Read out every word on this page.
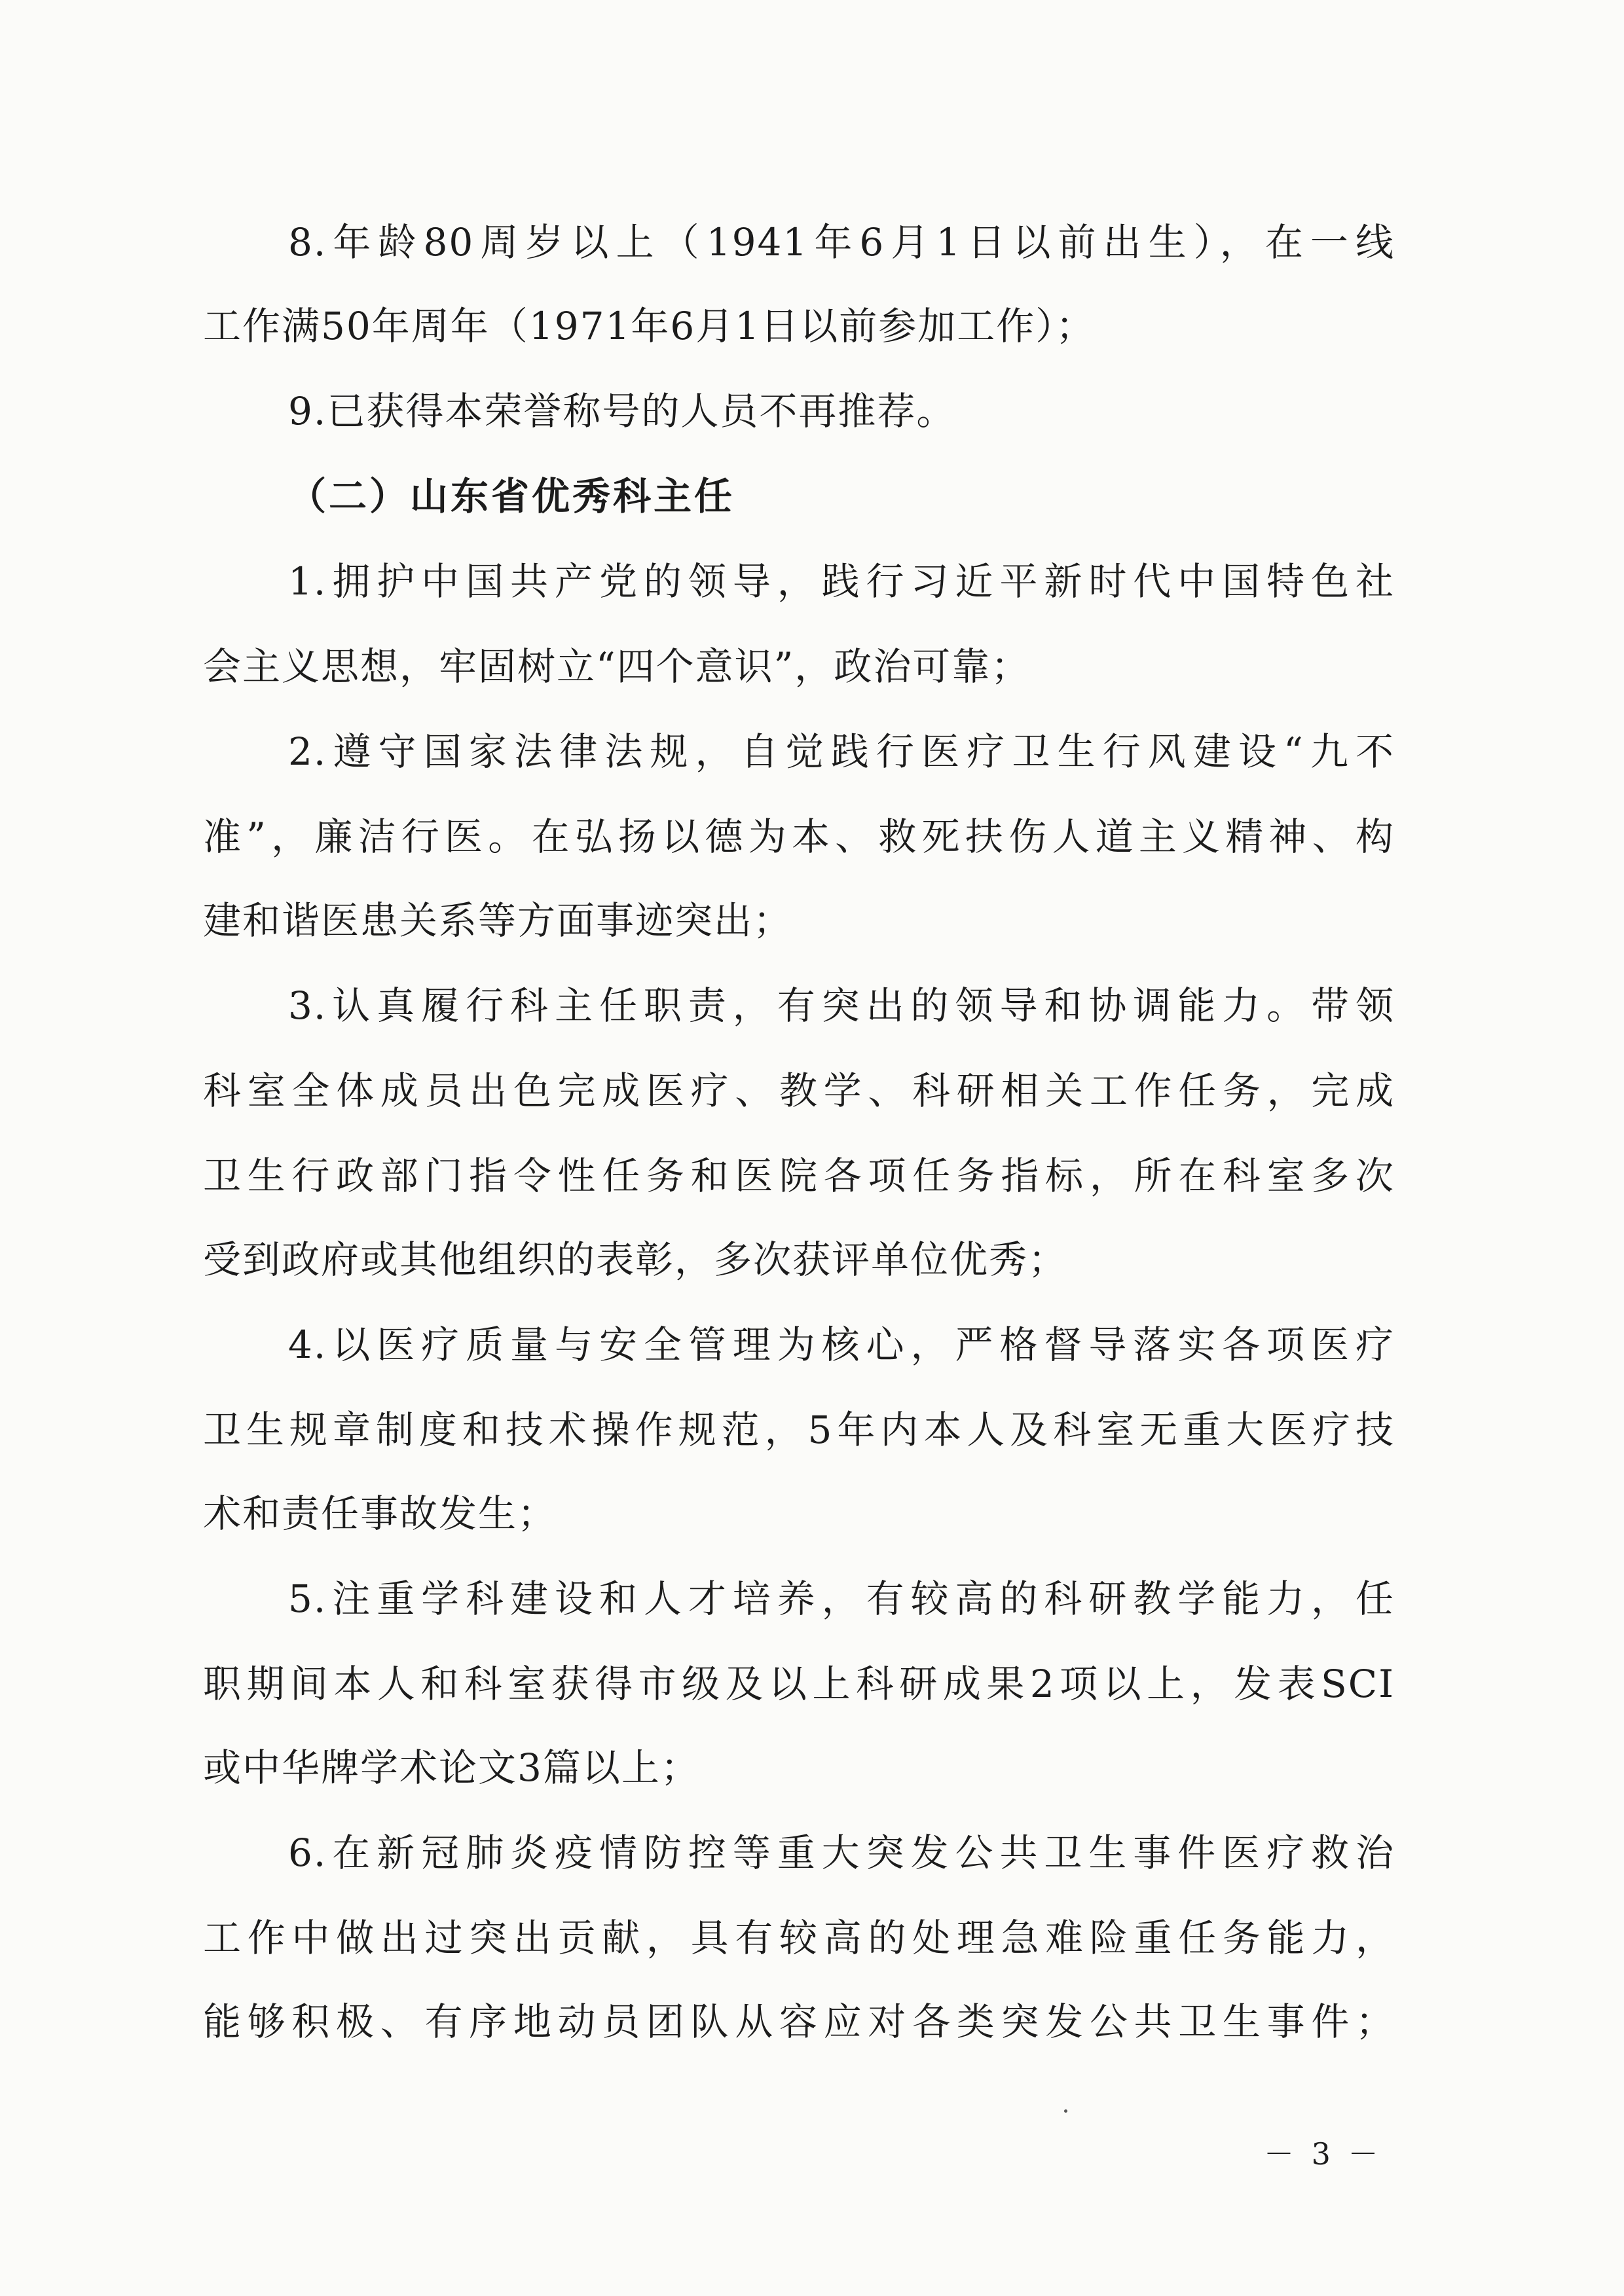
8.年龄80周岁以上（1941年6月1日以前出生），在一线
工作满50年周年（1971年6月1日以前参加工作）；
9.已获得本荣誉称号的人员不再推荐。
（二）山东省优秀科主任
1.拥护中国共产党的领导，践行习近平新时代中国特色社
会主义思想，牢固树立“四个意识”，政治可靠；
2.遵守国家法律法规，自觉践行医疗卫生行风建设“九不
准”，廉洁行医。在弘扬以德为本、救死扶伤人道主义精神、构
建和谐医患关系等方面事迹突出；
3.认真履行科主任职责，有突出的领导和协调能力。带领
科室全体成员出色完成医疗、教学、科研相关工作任务，完成
卫生行政部门指令性任务和医院各项任务指标，所在科室多次
受到政府或其他组织的表彰，多次获评单位优秀；
4.以医疗质量与安全管理为核心，严格督导落实各项医疗
卫生规章制度和技术操作规范，5年内本人及科室无重大医疗技
术和责任事故发生；
5.注重学科建设和人才培养，有较高的科研教学能力，任
职期间本人和科室获得市级及以上科研成果2项以上，发表SCI
或中华牌学术论文3篇以上；
6.在新冠肺炎疫情防控等重大突发公共卫生事件医疗救治
工作中做出过突出贡献，具有较高的处理急难险重任务能力，
能够积极、有序地动员团队从容应对各类突发公共卫生事件；
－ 3 －
